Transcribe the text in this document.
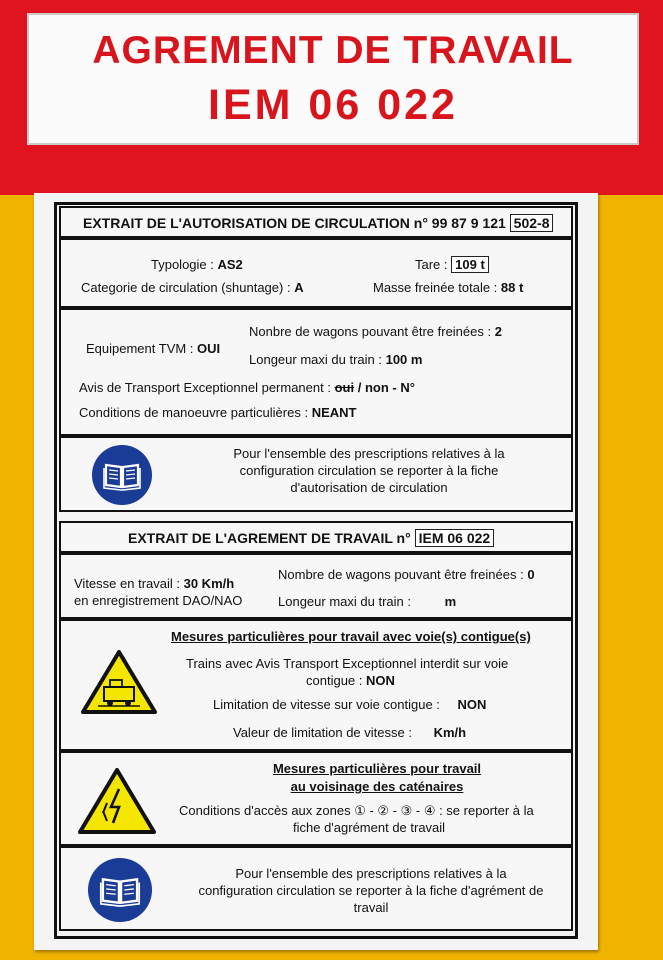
AGREMENT DE TRAVAIL
IEM 06 022
EXTRAIT DE L'AUTORISATION DE CIRCULATION n° 99 87 9 121 502-8
Typologie : AS2	Tare : 109 t
Categorie de circulation (shuntage) : A	Masse freinée totale : 88 t
Equipement TVM : OUI
Nonbre de wagons pouvant être freinées : 2
Longeur maxi du train : 100 m
Avis de Transport Exceptionnel permanent : oui / non - N°
Conditions de manoeuvre particulières : NEANT
Pour l'ensemble des prescriptions relatives à la
configuration circulation se reporter à la fiche
d'autorisation de circulation
EXTRAIT DE L'AGREMENT DE TRAVAIL n° IEM 06 022
Vitesse en travail : 30 Km/h
en enregistrement DAO/NAO
Nombre de wagons pouvant être freinées : 0
Longeur maxi du train :	m
Mesures particulières pour travail avec voie(s) contigue(s)
Trains avec Avis Transport Exceptionnel interdit sur voie
contigue : NON
Limitation de vitesse sur voie contigue : NON
Valeur de limitation de vitesse : Km/h
Mesures particulières pour travail
au voisinage des caténaires
Conditions d'accès aux zones ① - ② - ③ - ④ : se reporter à la
fiche d'agrément de travail
Pour l'ensemble des prescriptions relatives à la
configuration circulation se reporter à la fiche d'agrément de
travail
